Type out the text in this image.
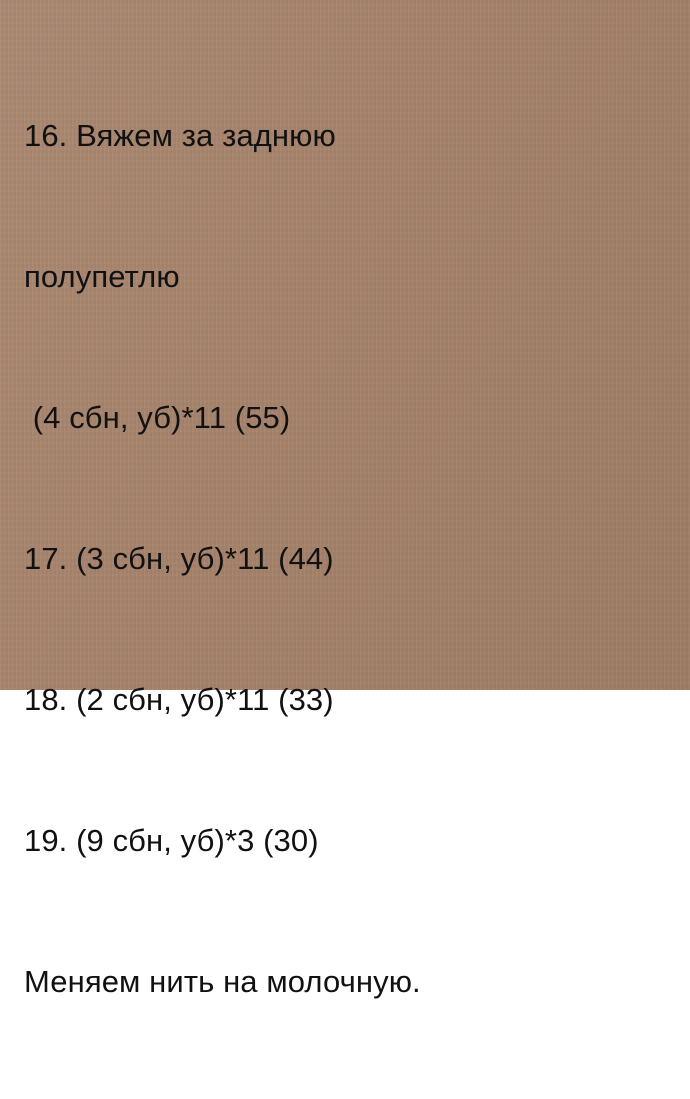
16. Вяжем за заднюю

полупетлю

(4 сбн, уб)*11 (55)

17. (3 сбн, уб)*11 (44)

18. (2 сбн, уб)*11 (33)

19. (9 сбн, уб)*3 (30)

Меняем нить на молочную.
